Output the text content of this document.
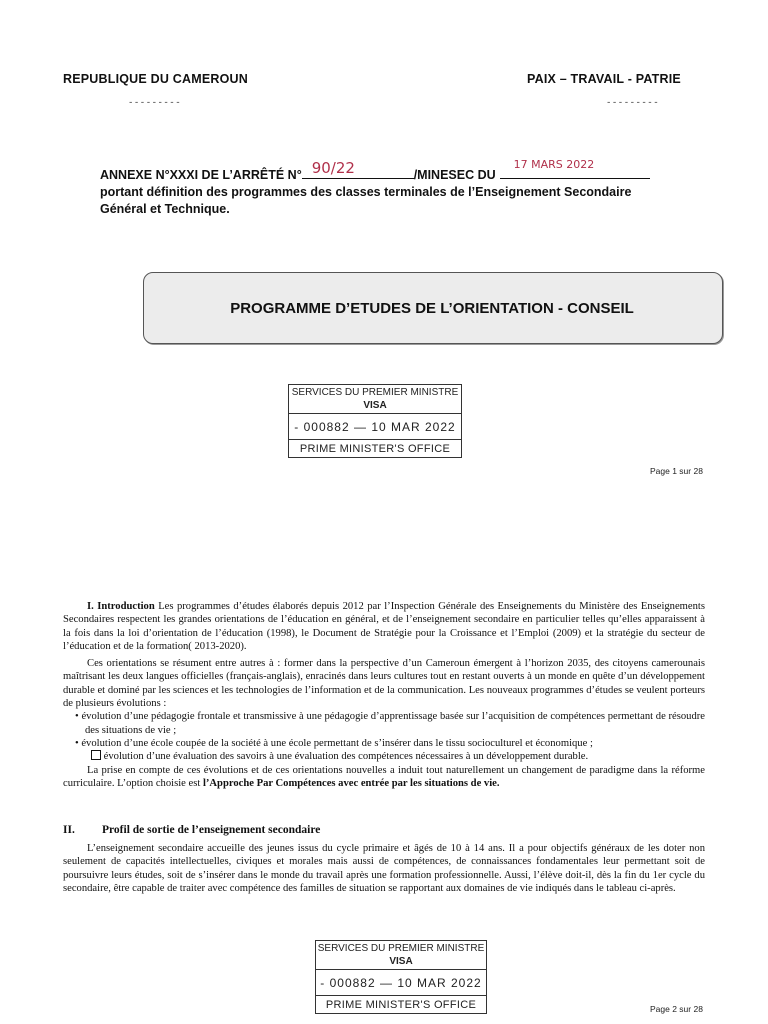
REPUBLIQUE DU CAMEROUN
---------
PAIX – TRAVAIL - PATRIE
---------
ANNEXE N°XXXI DE L’ARRÊTÉ N° 90/22	/MINESEC DU
17 MARS 2022
portant définition des programmes des classes terminales de l’Enseignement Secondaire
Général et Technique.
PROGRAMME D’ETUDES DE L’ORIENTATION - CONSEIL
SERVICES DU PREMIER MINISTRE
VISA
- 000882 — 10 MAR 2022
PRIME MINISTER'S OFFICE
Page 1 sur 28

I. Introduction Les programmes d’études élaborés depuis 2012 par l’Inspection Générale des Enseignements du Ministère des Enseignements Secondaires respectent les grandes orientations de l’éducation en général, et de l’enseignement secondaire en particulier telles qu’elles apparaissent à la fois dans la loi d’orientation de l’éducation (1998), le Document de Stratégie pour la Croissance et l’Emploi (2009) et la stratégie du secteur de l’éducation et de la formation( 2013-2020).

Ces orientations se résument entre autres à : former dans la perspective d’un Cameroun émergent à l’horizon 2035, des citoyens camerounais maîtrisant les deux langues officielles (français-anglais), enracinés dans leurs cultures tout en restant ouverts à un monde en quête d’un développement durable et dominé par les sciences et les technologies de l’information et de la communication. Les nouveaux programmes d’études se veulent porteurs de plusieurs évolutions :

• évolution d’une pédagogie frontale et transmissive à une pédagogie d’apprentissage basée sur l’acquisition de compétences permettant de résoudre des situations de vie ;

• évolution d’une école coupée de la société à une école permettant de s’insérer dans le tissu socioculturel et économique ;

évolution d’une évaluation des savoirs à une évaluation des compétences nécessaires à un développement durable.

La prise en compte de ces évolutions et de ces orientations nouvelles a induit tout naturellement un changement de paradigme dans la réforme curriculaire. L’option choisie est l’Approche Par Compétences avec entrée par les situations de vie.

II. Profil de sortie de l’enseignement secondaire

L’enseignement secondaire accueille des jeunes issus du cycle primaire et âgés de 10 à 14 ans. Il a pour objectifs généraux de les doter non seulement de capacités intellectuelles, civiques et morales mais aussi de compétences, de connaissances fondamentales leur permettant soit de poursuivre leurs études, soit de s’insérer dans le monde du travail après une formation professionnelle. Aussi, l’élève doit-il, dès la fin du 1er cycle du secondaire, être capable de traiter avec compétence des familles de situation se rapportant aux domaines de vie indiqués dans le tableau ci-après.

SERVICES DU PREMIER MINISTRE
VISA
- 000882 — 10 MAR 2022
PRIME MINISTER'S OFFICE	Page 2 sur 28
